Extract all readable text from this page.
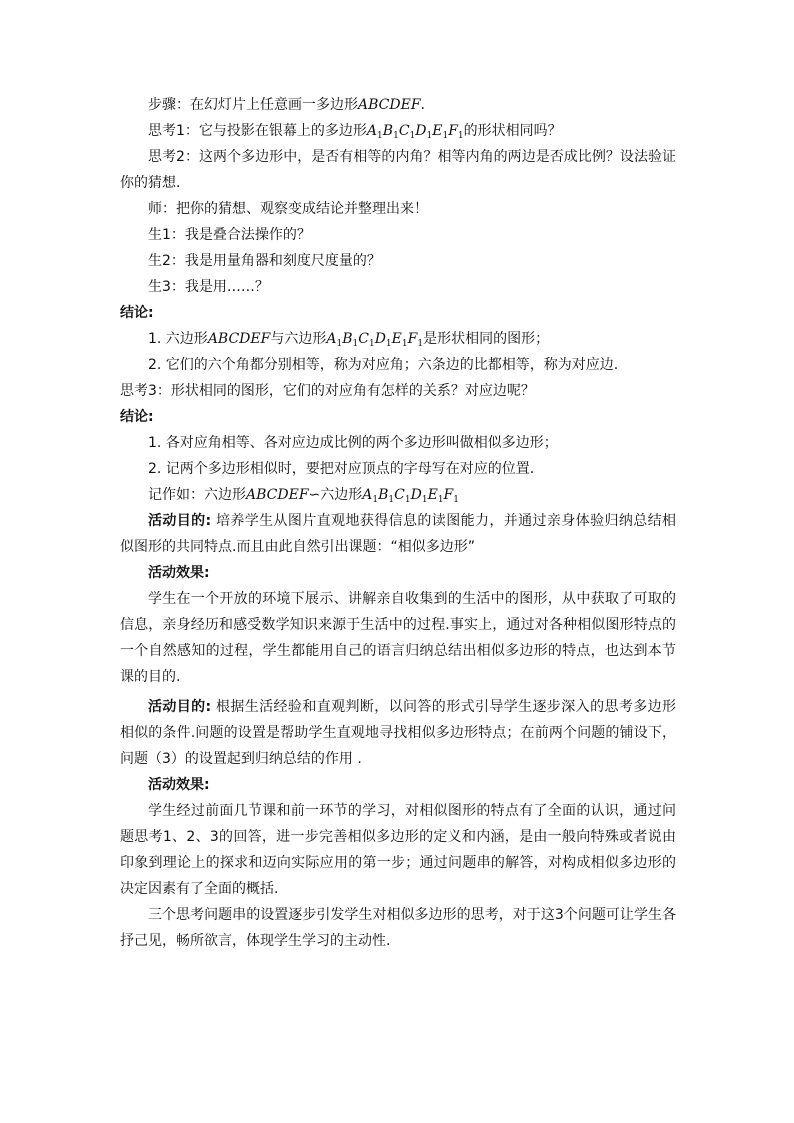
步骤：在幻灯片上任意画一多边形ABCDEF.
思考1：它与投影在银幕上的多边形$A_1B_1C_1D_1E_1F_1$的形状相同吗？
思考2：这两个多边形中，是否有相等的内角？相等内角的两边是否成比例？设法验证你的猜想.
师：把你的猜想、观察变成结论并整理出来！
生1：我是叠合法操作的？
生2：我是用量角器和刻度尺度量的？
生3：我是用……？
结论:
1. 六边形ABCDEF与六边形$A_1B_1C_1D_1E_1F_1$是形状相同的图形；
2. 它们的六个角都分别相等，称为对应角；六条边的比都相等，称为对应边.
思考3：形状相同的图形，它们的对应角有怎样的关系？对应边呢？
结论:
1. 各对应角相等、各对应边成比例的两个多边形叫做相似多边形；
2. 记两个多边形相似时，要把对应顶点的字母写在对应的位置.
记作如：六边形ABCDEF∽六边形$A_1B_1C_1D_1E_1F_1$
活动目的: 培养学生从图片直观地获得信息的读图能力，并通过亲身体验归纳总结相似图形的共同特点.而且由此自然引出课题：“相似多边形”
活动效果:
学生在一个开放的环境下展示、讲解亲自收集到的生活中的图形，从中获取了可取的信息，亲身经历和感受数学知识来源于生活中的过程.事实上，通过对各种相似图形特点的一个自然感知的过程，学生都能用自己的语言归纳总结出相似多边形的特点，也达到本节课的目的.
活动目的: 根据生活经验和直观判断，以问答的形式引导学生逐步深入的思考多边形相似的条件.问题的设置是帮助学生直观地寻找相似多边形特点；在前两个问题的铺设下，问题（3）的设置起到归纳总结的作用 .
活动效果:
学生经过前面几节课和前一环节的学习，对相似图形的特点有了全面的认识，通过问题思考1、2、3的回答，进一步完善相似多边形的定义和内涵，是由一般向特殊或者说由印象到理论上的探求和迈向实际应用的第一步；通过问题串的解答，对构成相似多边形的决定因素有了全面的概括.
三个思考问题串的设置逐步引发学生对相似多边形的思考，对于这3个问题可让学生各抒己见，畅所欲言，体现学生学习的主动性.
